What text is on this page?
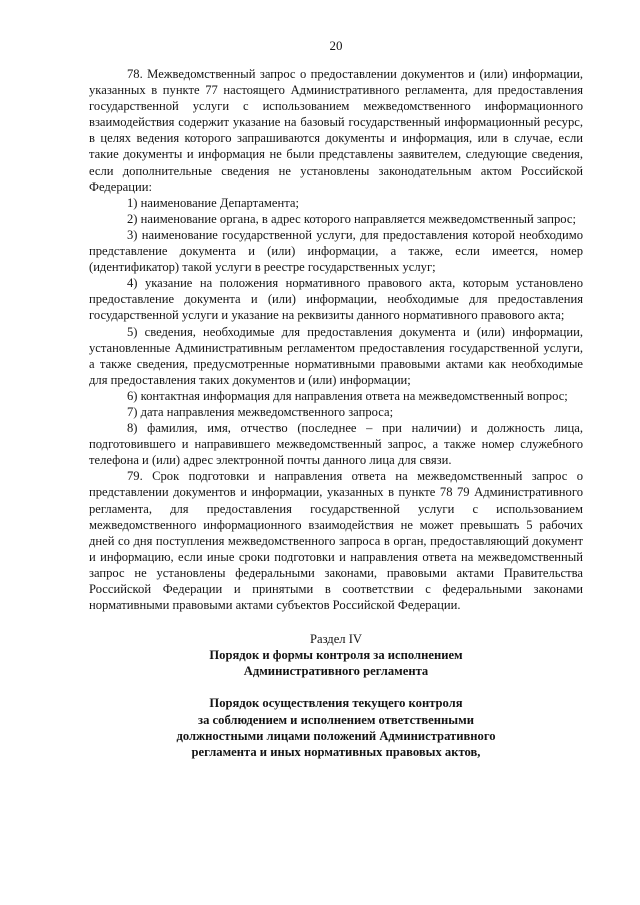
20

78. Межведомственный запрос о предоставлении документов и (или) информации, указанных в пункте 77 настоящего Административного регламента, для предоставления государственной услуги с использованием межведомственного информационного взаимодействия содержит указание на базовый государственный информационный ресурс, в целях ведения которого запрашиваются документы и информация, или в случае, если такие документы и информация не были представлены заявителем, следующие сведения, если дополнительные сведения не установлены законодательным актом Российской Федерации:

1) наименование Департамента;

2) наименование органа, в адрес которого направляется межведомственный запрос;

3) наименование государственной услуги, для предоставления которой необходимо представление документа и (или) информации, а также, если имеется, номер (идентификатор) такой услуги в реестре государственных услуг;

4) указание на положения нормативного правового акта, которым установлено предоставление документа и (или) информации, необходимые для предоставления государственной услуги и указание на реквизиты данного нормативного правового акта;

5) сведения, необходимые для предоставления документа и (или) информации, установленные Административным регламентом предоставления государственной услуги, а также сведения, предусмотренные нормативными правовыми актами как необходимые для предоставления таких документов и (или) информации;

6) контактная информация для направления ответа на межведомственный вопрос;

7) дата направления межведомственного запроса;

8) фамилия, имя, отчество (последнее – при наличии) и должность лица, подготовившего и направившего межведомственный запрос, а также номер служебного телефона и (или) адрес электронной почты данного лица для связи.

79. Срок подготовки и направления ответа на межведомственный запрос о представлении документов и информации, указанных в пункте 78 79 Административного регламента, для предоставления государственной услуги с использованием межведомственного информационного взаимодействия не может превышать 5 рабочих дней со дня поступления межведомственного запроса в орган, предоставляющий документ и информацию, если иные сроки подготовки и направления ответа на межведомственный запрос не установлены федеральными законами, правовыми актами Правительства Российской Федерации и принятыми в соответствии с федеральными законами нормативными правовыми актами субъектов Российской Федерации.

Раздел IV
Порядок и формы контроля за исполнением
Административного регламента
Порядок осуществления текущего контроля
за соблюдением и исполнением ответственными
должностными лицами положений Административного
регламента и иных нормативных правовых актов,
